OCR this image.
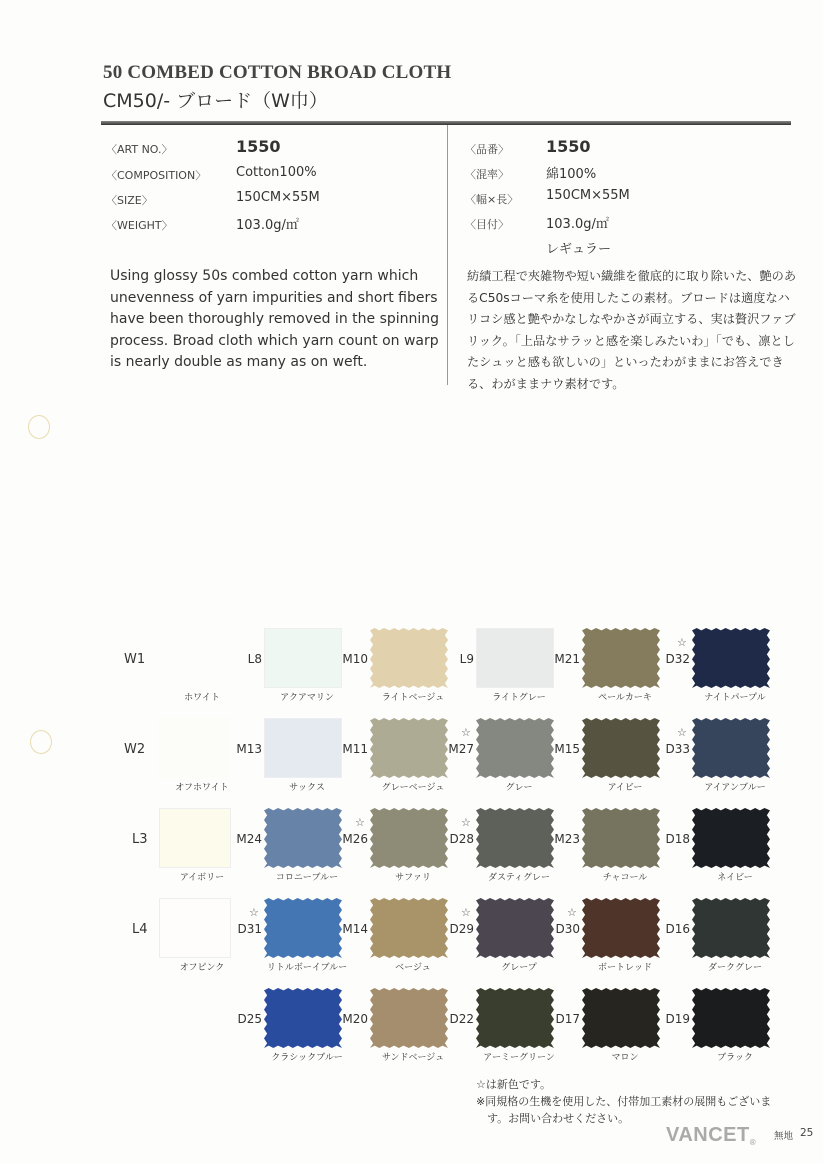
50 COMBED COTTON BROAD CLOTH
CM50/- ブロード（W巾）
〈ART NO.〉	1550
〈COMPOSITION〉 Cotton100%
〈SIZE〉	150CM×55M
〈WEIGHT〉	103.0g/㎡
〈品番〉 1550
〈混率〉	綿100%
〈幅×長〉 150CM×55M
〈目付〉	103.0g/㎡
レギュラー
Using glossy 50s combed cotton yarn which unevenness of yarn impurities and short fibers have been thoroughly removed in the spinning process. Broad cloth which yarn count on warp is nearly double as many as on weft.
紡績工程で夾雑物や短い繊維を徹底的に取り除いた、艶のあるC50sコーマ糸を使用したこの素材。ブロードは適度なハリコシ感と艶やかなしなやかさが両立する、実は贅沢ファブリック。「上品なサラッと感を楽しみたいわ」「でも、凛としたシュッと感も欲しいの」といったわがままにお答えできる、わがままナウ素材です。
W1
ホワイト
L8
アクアマリン
M10
ライトベージュ
L9
ライトグレー
M21
ペールカーキ
D32
☆
ナイトパープル
W2
オフホワイト
M13
サックス
M11
グレーベージュ
M27
☆
グレー
M15
アイビー
D33
☆
アイアンブルー
L3
アイボリー
M24
コロニーブルー
M26
☆
サファリ
D28
☆
ダスティグレー
M23
チャコール
D18
ネイビー
L4
オフピンク
D31
☆
リトルボーイブルー
M14
ベージュ
D29
☆
グレープ
D30
☆
ボートレッド
D16
ダークグレー
D25
クラシックブルー
M20
サンドベージュ
D22
アーミーグリーン
D17
マロン
D19
ブラック
☆は新色です。
※同規格の生機を使用した、付帯加工素材の展開もございま
　す。お問い合わせください。
VANCET®
無地 25
